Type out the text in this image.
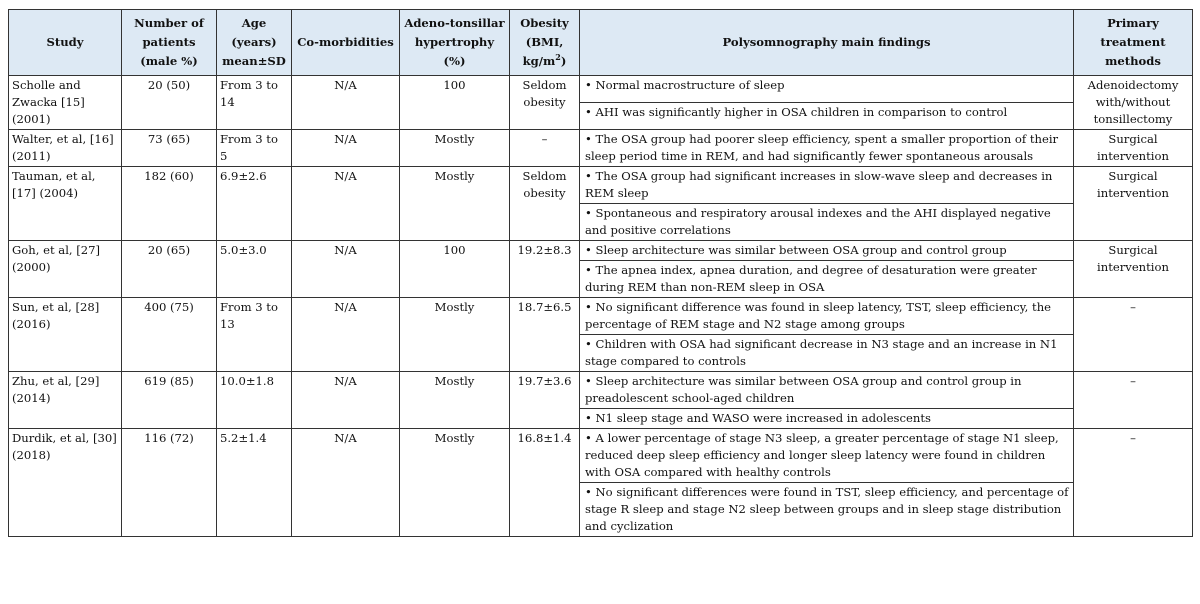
Study	Number of patients (male %)	Age (years) mean±SD	Co-morbidities	Adeno-tonsillar hypertrophy (%)	Obesity (BMI, $kg/m^2$)	Polysomnography main findings	Primary treatment methods
Scholle and Zwacka [15] (2001)	20 (50)	From 3 to 14	N/A	100	Seldom obesity	• Normal macrostructure of sleep	Adenoidectomy with/without tonsillectomy
						• AHI was significantly higher in OSA children in comparison to control	
Walter, et al, [16] (2011)	73 (65)	From 3 to 5	N/A	Mostly	–	• The OSA group had poorer sleep efficiency, spent a smaller proportion of their sleep period time in REM, and had significantly fewer spontaneous arousals	Surgical intervention
Tauman, et al, [17] (2004)	182 (60)	6.9±2.6	N/A	Mostly	Seldom obesity	• The OSA group had significant increases in slow-wave sleep and decreases in REM sleep	Surgical intervention
						• Spontaneous and respiratory arousal indexes and the AHI displayed negative and positive correlations	
Goh, et al, [27] (2000)	20 (65)	5.0±3.0	N/A	100	19.2±8.3	• Sleep architecture was similar between OSA group and control group	Surgical intervention
						• The apnea index, apnea duration, and degree of desaturation were greater during REM than non-REM sleep in OSA	
Sun, et al, [28] (2016)	400 (75)	From 3 to 13	N/A	Mostly	18.7±6.5	• No significant difference was found in sleep latency, TST, sleep efficiency, the percentage of REM stage and N2 stage among groups	–
						• Children with OSA had significant decrease in N3 stage and an increase in N1 stage compared to controls	
Zhu, et al, [29] (2014)	619 (85)	10.0±1.8	N/A	Mostly	19.7±3.6	• Sleep architecture was similar between OSA group and control group in preadolescent school-aged children	–
						• N1 sleep stage and WASO were increased in adolescents	
Durdik, et al, [30] (2018)	116 (72)	5.2±1.4	N/A	Mostly	16.8±1.4	• A lower percentage of stage N3 sleep, a greater percentage of stage N1 sleep, reduced deep sleep efficiency and longer sleep latency were found in children with OSA compared with healthy controls	–
						• No significant differences were found in TST, sleep efficiency, and percentage of stage R sleep and stage N2 sleep between groups and in sleep stage distribution and cyclization	
